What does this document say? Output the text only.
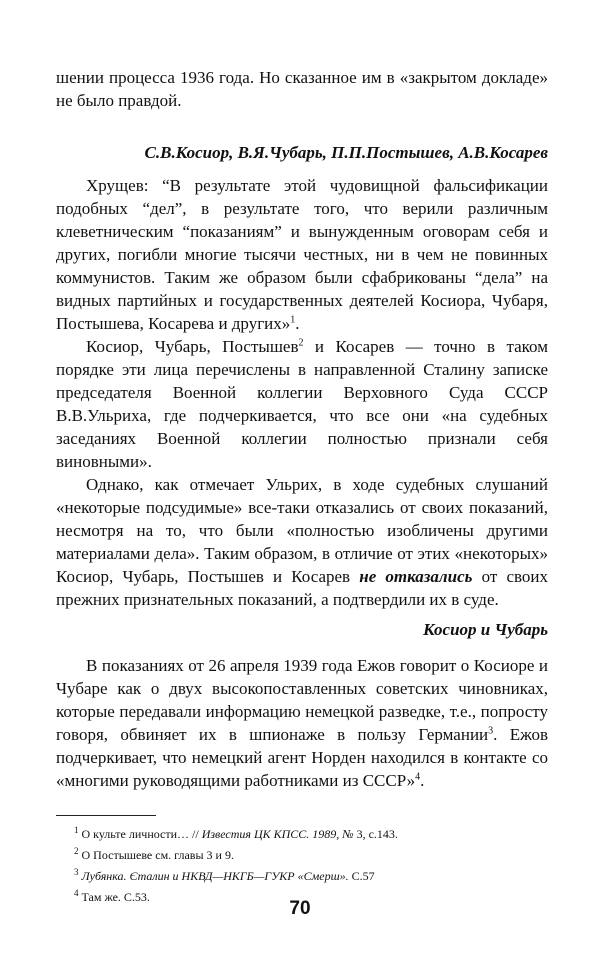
шении процесса 1936 года. Но сказанное им в «закрытом докладе» не было правдой.

С.В.Косиор, В.Я.Чубарь, П.П.Постышев, А.В.Косарев

Хрущев: “В результате этой чудовищной фальсификации подобных “дел”, в результате того, что верили различным клеветническим “показаниям” и вынужденным оговорам себя и других, погибли многие тысячи честных, ни в чем не повинных коммунистов. Таким же образом были сфабрикованы “дела” на видных партийных и государственных деятелей Косиора, Чубаря, Постышева, Косарева и других»$^1$.

Косиор, Чубарь, Постышев$^2$ и Косарев — точно в таком порядке эти лица перечислены в направленной Сталину записке председателя Военной коллегии Верховного Суда СССР В.В.Ульриха, где подчеркивается, что все они «на судебных заседаниях Военной коллегии полностью признали себя виновными».

Однако, как отмечает Ульрих, в ходе судебных слушаний «некоторые подсудимые» все-таки отказались от своих показаний, несмотря на то, что были «полностью изобличены другими материалами дела». Таким образом, в отличие от этих «некоторых» Косиор, Чубарь, Постышев и Косарев не отказались от своих прежних признательных показаний, а подтвердили их в суде.

Косиор и Чубарь

В показаниях от 26 апреля 1939 года Ежов говорит о Косиоре и Чубаре как о двух высокопоставленных советских чиновниках, которые передавали информацию немецкой разведке, т.е., попросту говоря, обвиняет их в шпионаже в пользу Германии$^3$. Ежов подчеркивает, что немецкий агент Норден находился в контакте со «многими руководящими работниками из СССР»$^4$.

$^1$ О культе личности… // Известия ЦК КПСС. 1989, № 3, с.143.
$^2$ О Постышеве см. главы 3 и 9.
$^3$ Лубянка. Єталин и НКВД—НКГБ—ГУКР «Смерш». С.57
$^4$ Там же. С.53.
70
